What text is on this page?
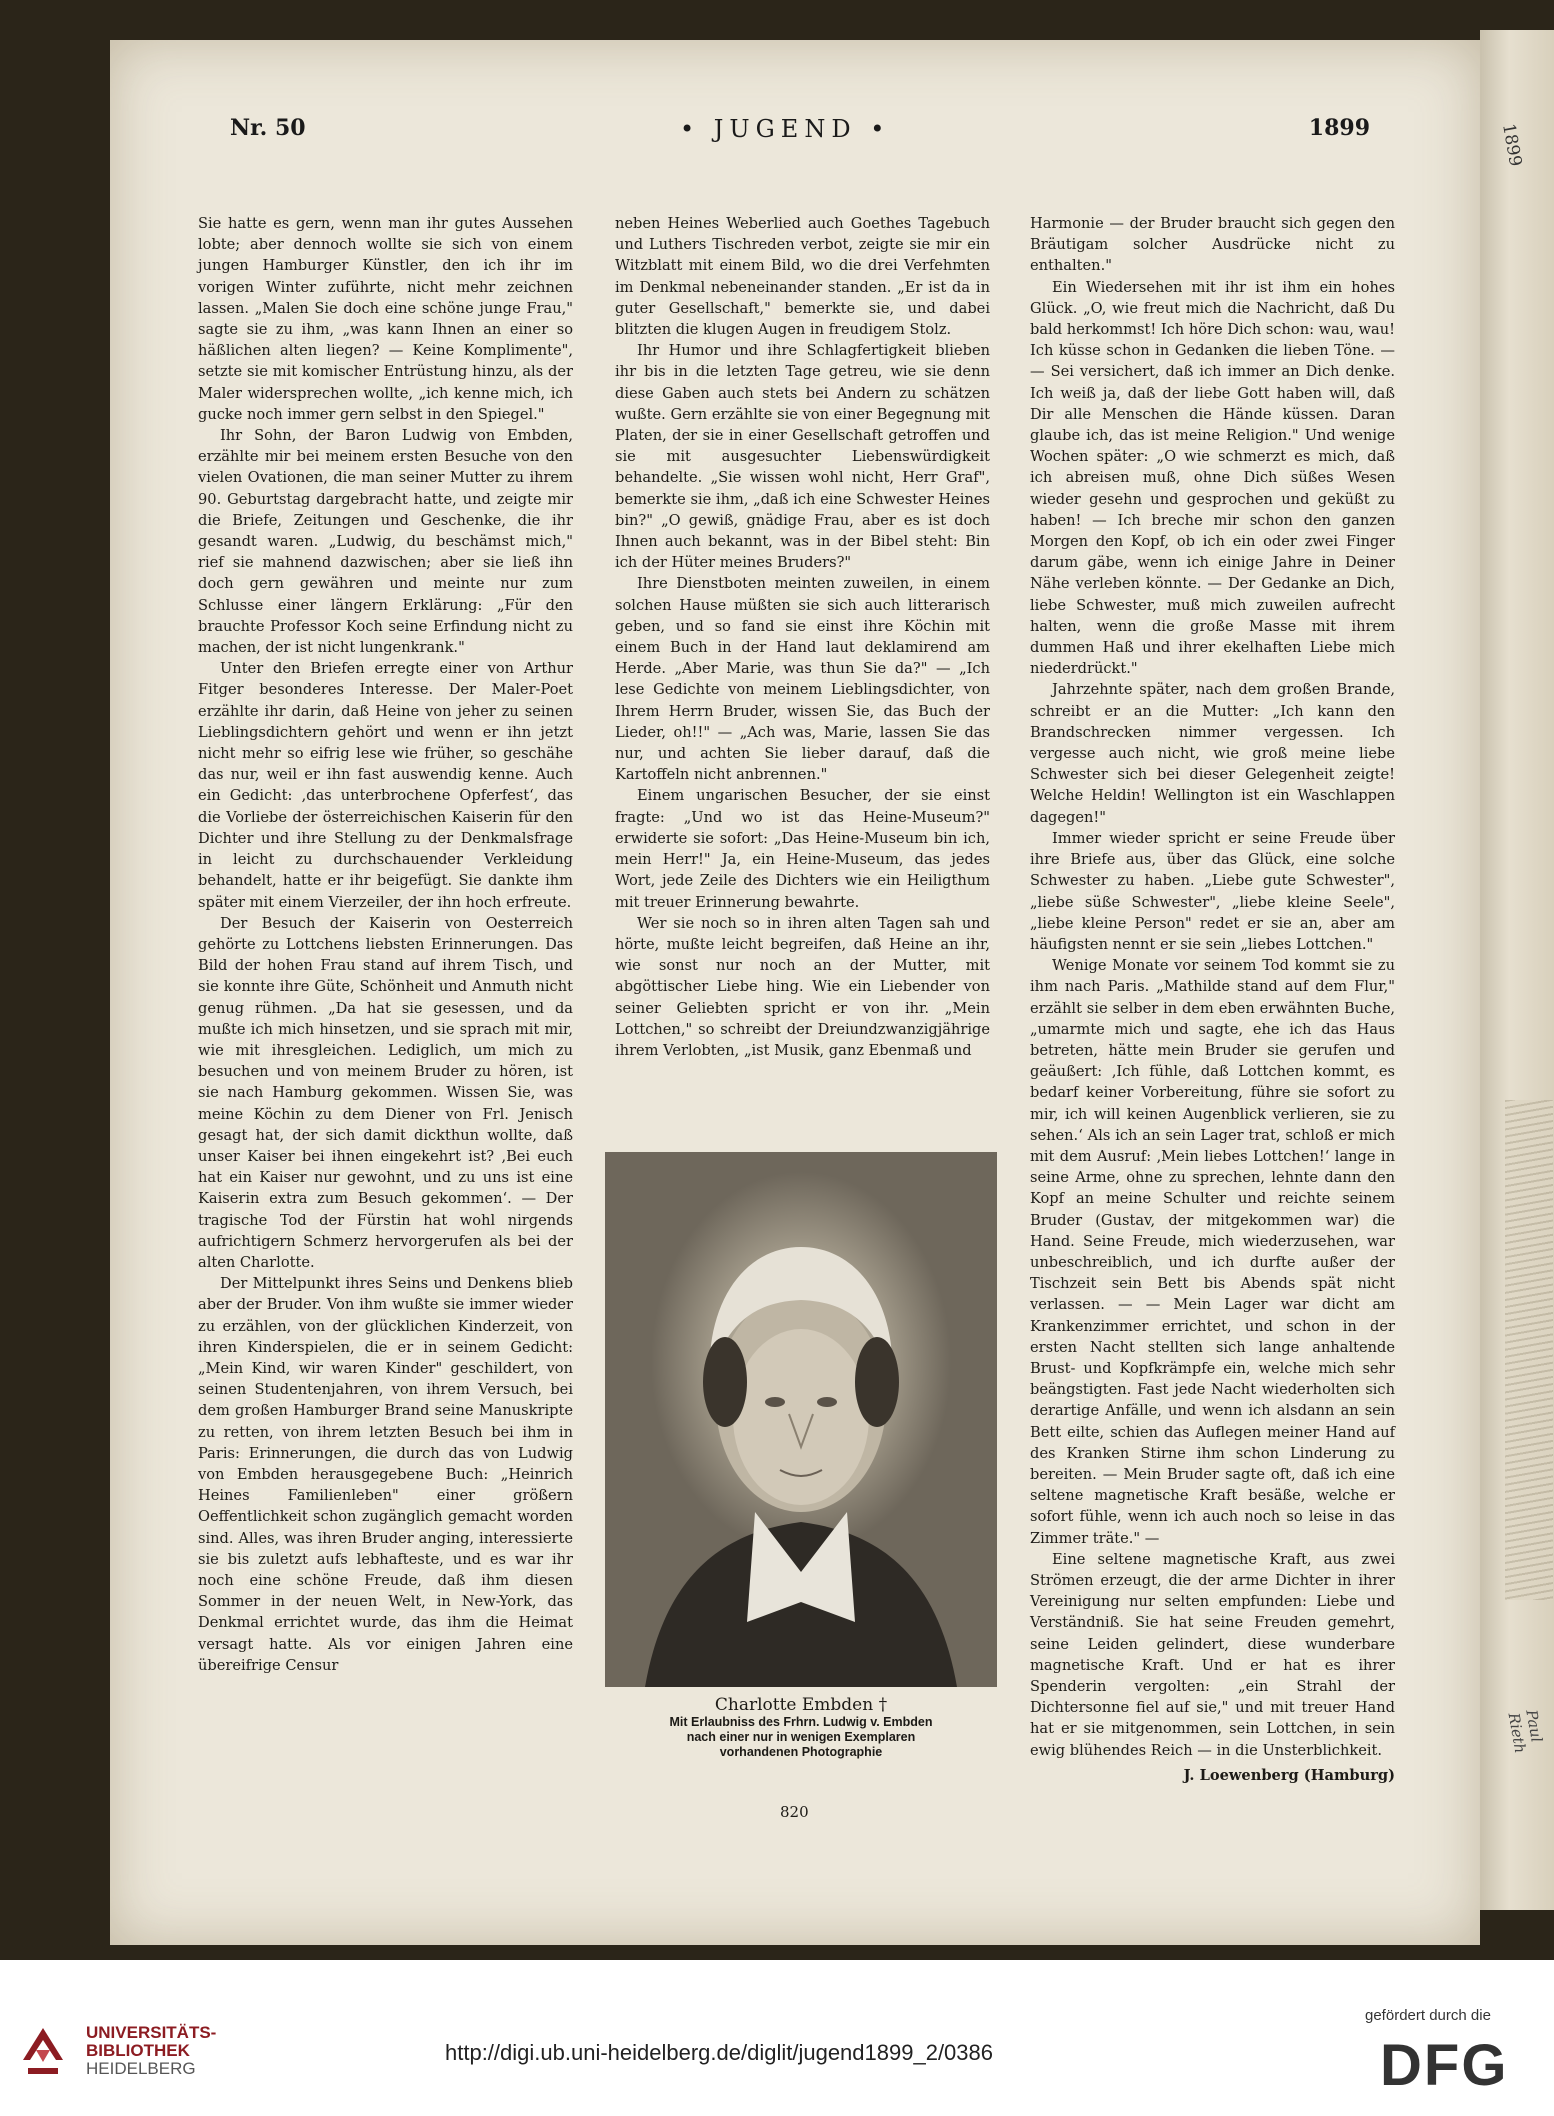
1899
Paul Rieth
Nr. 50	• JUGEND •	1899

Sie hatte es gern, wenn man ihr gutes Aussehen lobte; aber dennoch wollte sie sich von einem jungen Hamburger Künstler, den ich ihr im vorigen Winter zuführte, nicht mehr zeichnen lassen. „Malen Sie doch eine schöne junge Frau," sagte sie zu ihm, „was kann Ihnen an einer so häßlichen alten liegen? — Keine Komplimente", setzte sie mit komischer Entrüstung hinzu, als der Maler widersprechen wollte, „ich kenne mich, ich gucke noch immer gern selbst in den Spiegel."

Ihr Sohn, der Baron Ludwig von Embden, erzählte mir bei meinem ersten Besuche von den vielen Ovationen, die man seiner Mutter zu ihrem 90. Geburtstag dargebracht hatte, und zeigte mir die Briefe, Zeitungen und Geschenke, die ihr gesandt waren. „Ludwig, du beschämst mich," rief sie mahnend dazwischen; aber sie ließ ihn doch gern gewähren und meinte nur zum Schlusse einer längern Erklärung: „Für den brauchte Professor Koch seine Erfindung nicht zu machen, der ist nicht lungenkrank."

Unter den Briefen erregte einer von Arthur Fitger besonderes Interesse. Der Maler-Poet erzählte ihr darin, daß Heine von jeher zu seinen Lieblingsdichtern gehört und wenn er ihn jetzt nicht mehr so eifrig lese wie früher, so geschähe das nur, weil er ihn fast auswendig kenne. Auch ein Gedicht: ‚das unterbrochene Opferfest‘, das die Vorliebe der österreichischen Kaiserin für den Dichter und ihre Stellung zu der Denkmalsfrage in leicht zu durchschauender Verkleidung behandelt, hatte er ihr beigefügt. Sie dankte ihm später mit einem Vierzeiler, der ihn hoch erfreute.

Der Besuch der Kaiserin von Oesterreich gehörte zu Lottchens liebsten Erinnerungen. Das Bild der hohen Frau stand auf ihrem Tisch, und sie konnte ihre Güte, Schönheit und Anmuth nicht genug rühmen. „Da hat sie gesessen, und da mußte ich mich hinsetzen, und sie sprach mit mir, wie mit ihresgleichen. Lediglich, um mich zu besuchen und von meinem Bruder zu hören, ist sie nach Hamburg gekommen. Wissen Sie, was meine Köchin zu dem Diener von Frl. Jenisch gesagt hat, der sich damit dickthun wollte, daß unser Kaiser bei ihnen eingekehrt ist? ‚Bei euch hat ein Kaiser nur gewohnt, und zu uns ist eine Kaiserin extra zum Besuch gekommen‘. — Der tragische Tod der Fürstin hat wohl nirgends aufrichtigern Schmerz hervorgerufen als bei der alten Charlotte.

Der Mittelpunkt ihres Seins und Denkens blieb aber der Bruder. Von ihm wußte sie immer wieder zu erzählen, von der glücklichen Kinderzeit, von ihren Kinderspielen, die er in seinem Gedicht: „Mein Kind, wir waren Kinder" geschildert, von seinen Studentenjahren, von ihrem Versuch, bei dem großen Hamburger Brand seine Manuskripte zu retten, von ihrem letzten Besuch bei ihm in Paris: Erinnerungen, die durch das von Ludwig von Embden herausgegebene Buch: „Heinrich Heines Familienleben" einer größern Oeffentlichkeit schon zugänglich gemacht worden sind. Alles, was ihren Bruder anging, interessierte sie bis zuletzt aufs lebhafteste, und es war ihr noch eine schöne Freude, daß ihm diesen Sommer in der neuen Welt, in New-York, das Denkmal errichtet wurde, das ihm die Heimat versagt hatte. Als vor einigen Jahren eine übereifrige Censur

neben Heines Weberlied auch Goethes Tagebuch und Luthers Tischreden verbot, zeigte sie mir ein Witzblatt mit einem Bild, wo die drei Verfehmten im Denkmal nebeneinander standen. „Er ist da in guter Gesellschaft," bemerkte sie, und dabei blitzten die klugen Augen in freudigem Stolz.

Ihr Humor und ihre Schlagfertigkeit blieben ihr bis in die letzten Tage getreu, wie sie denn diese Gaben auch stets bei Andern zu schätzen wußte. Gern erzählte sie von einer Begegnung mit Platen, der sie in einer Gesellschaft getroffen und sie mit ausgesuchter Liebenswürdigkeit behandelte. „Sie wissen wohl nicht, Herr Graf", bemerkte sie ihm, „daß ich eine Schwester Heines bin?" „O gewiß, gnädige Frau, aber es ist doch Ihnen auch bekannt, was in der Bibel steht: Bin ich der Hüter meines Bruders?"

Ihre Dienstboten meinten zuweilen, in einem solchen Hause müßten sie sich auch litterarisch geben, und so fand sie einst ihre Köchin mit einem Buch in der Hand laut deklamirend am Herde. „Aber Marie, was thun Sie da?" — „Ich lese Gedichte von meinem Lieblingsdichter, von Ihrem Herrn Bruder, wissen Sie, das Buch der Lieder, oh!!" — „Ach was, Marie, lassen Sie das nur, und achten Sie lieber darauf, daß die Kartoffeln nicht anbrennen."

Einem ungarischen Besucher, der sie einst fragte: „Und wo ist das Heine-Museum?" erwiderte sie sofort: „Das Heine-Museum bin ich, mein Herr!" Ja, ein Heine-Museum, das jedes Wort, jede Zeile des Dichters wie ein Heiligthum mit treuer Erinnerung bewahrte.

Wer sie noch so in ihren alten Tagen sah und hörte, mußte leicht begreifen, daß Heine an ihr, wie sonst nur noch an der Mutter, mit abgöttischer Liebe hing. Wie ein Liebender von seiner Geliebten spricht er von ihr. „Mein Lottchen," so schreibt der Dreiundzwanzigjährige ihrem Verlobten, „ist Musik, ganz Ebenmaß und

Charlotte Embden †
Mit Erlaubniss des Frhrn. Ludwig v. Embden
nach einer nur in wenigen Exemplaren
vorhandenen Photographie

Harmonie — der Bruder braucht sich gegen den Bräutigam solcher Ausdrücke nicht zu enthalten."

Ein Wiedersehen mit ihr ist ihm ein hohes Glück. „O, wie freut mich die Nachricht, daß Du bald herkommst! Ich höre Dich schon: wau, wau! Ich küsse schon in Gedanken die lieben Töne. — — Sei versichert, daß ich immer an Dich denke. Ich weiß ja, daß der liebe Gott haben will, daß Dir alle Menschen die Hände küssen. Daran glaube ich, das ist meine Religion." Und wenige Wochen später: „O wie schmerzt es mich, daß ich abreisen muß, ohne Dich süßes Wesen wieder gesehn und gesprochen und geküßt zu haben! — Ich breche mir schon den ganzen Morgen den Kopf, ob ich ein oder zwei Finger darum gäbe, wenn ich einige Jahre in Deiner Nähe verleben könnte. — Der Gedanke an Dich, liebe Schwester, muß mich zuweilen aufrecht halten, wenn die große Masse mit ihrem dummen Haß und ihrer ekelhaften Liebe mich niederdrückt."

Jahrzehnte später, nach dem großen Brande, schreibt er an die Mutter: „Ich kann den Brandschrecken nimmer vergessen. Ich vergesse auch nicht, wie groß meine liebe Schwester sich bei dieser Gelegenheit zeigte! Welche Heldin! Wellington ist ein Waschlappen dagegen!"

Immer wieder spricht er seine Freude über ihre Briefe aus, über das Glück, eine solche Schwester zu haben. „Liebe gute Schwester", „liebe süße Schwester", „liebe kleine Seele", „liebe kleine Person" redet er sie an, aber am häufigsten nennt er sie sein „liebes Lottchen."

Wenige Monate vor seinem Tod kommt sie zu ihm nach Paris. „Mathilde stand auf dem Flur," erzählt sie selber in dem eben erwähnten Buche, „umarmte mich und sagte, ehe ich das Haus betreten, hätte mein Bruder sie gerufen und geäußert: ‚Ich fühle, daß Lottchen kommt, es bedarf keiner Vorbereitung, führe sie sofort zu mir, ich will keinen Augenblick verlieren, sie zu sehen.‘ Als ich an sein Lager trat, schloß er mich mit dem Ausruf: ‚Mein liebes Lottchen!‘ lange in seine Arme, ohne zu sprechen, lehnte dann den Kopf an meine Schulter und reichte seinem Bruder (Gustav, der mitgekommen war) die Hand. Seine Freude, mich wiederzusehen, war unbeschreiblich, und ich durfte außer der Tischzeit sein Bett bis Abends spät nicht verlassen. — — Mein Lager war dicht am Krankenzimmer errichtet, und schon in der ersten Nacht stellten sich lange anhaltende Brust- und Kopfkrämpfe ein, welche mich sehr beängstigten. Fast jede Nacht wiederholten sich derartige Anfälle, und wenn ich alsdann an sein Bett eilte, schien das Auflegen meiner Hand auf des Kranken Stirne ihm schon Linderung zu bereiten. — Mein Bruder sagte oft, daß ich eine seltene magnetische Kraft besäße, welche er sofort fühle, wenn ich auch noch so leise in das Zimmer träte." —

Eine seltene magnetische Kraft, aus zwei Strömen erzeugt, die der arme Dichter in ihrer Vereinigung nur selten empfunden: Liebe und Verständniß. Sie hat seine Freuden gemehrt, seine Leiden gelindert, diese wunderbare magnetische Kraft. Und er hat es ihrer Spenderin vergolten: „ein Strahl der Dichtersonne fiel auf sie," und mit treuer Hand hat er sie mitgenommen, sein Lottchen, in sein ewig blühendes Reich — in die Unsterblichkeit.

J. Loewenberg (Hamburg)

820
UNIVERSITÄTS-
BIBLIOTHEK
HEIDELBERG
http://digi.ub.uni-heidelberg.de/diglit/jugend1899_2/0386
gefördert durch die
DFG
